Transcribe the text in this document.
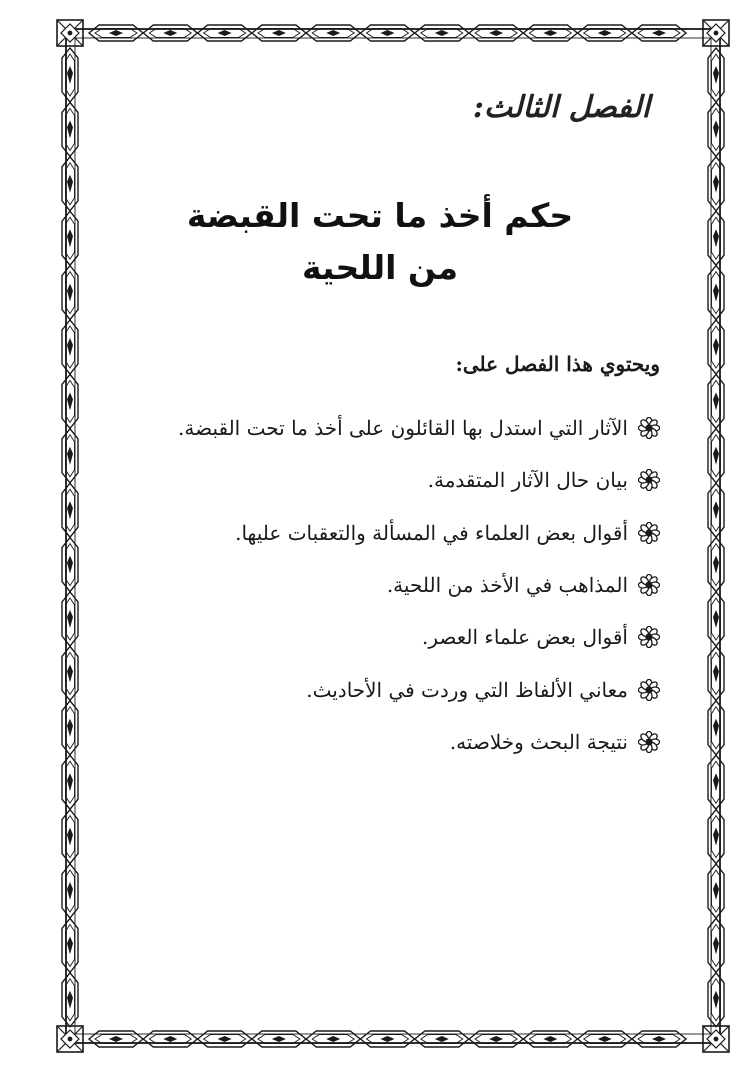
الفصل الثالث:
حكم أخذ ما تحت القبضة
من اللحية

ويحتوي هذا الفصل على:

الآثار التي استدل بها القائلون على أخذ ما تحت القبضة.
بيان حال الآثار المتقدمة.
أقوال بعض العلماء في المسألة والتعقبات عليها.
المذاهب في الأخذ من اللحية.
أقوال بعض علماء العصر.
معاني الألفاظ التي وردت في الأحاديث.
نتيجة البحث وخلاصته.
